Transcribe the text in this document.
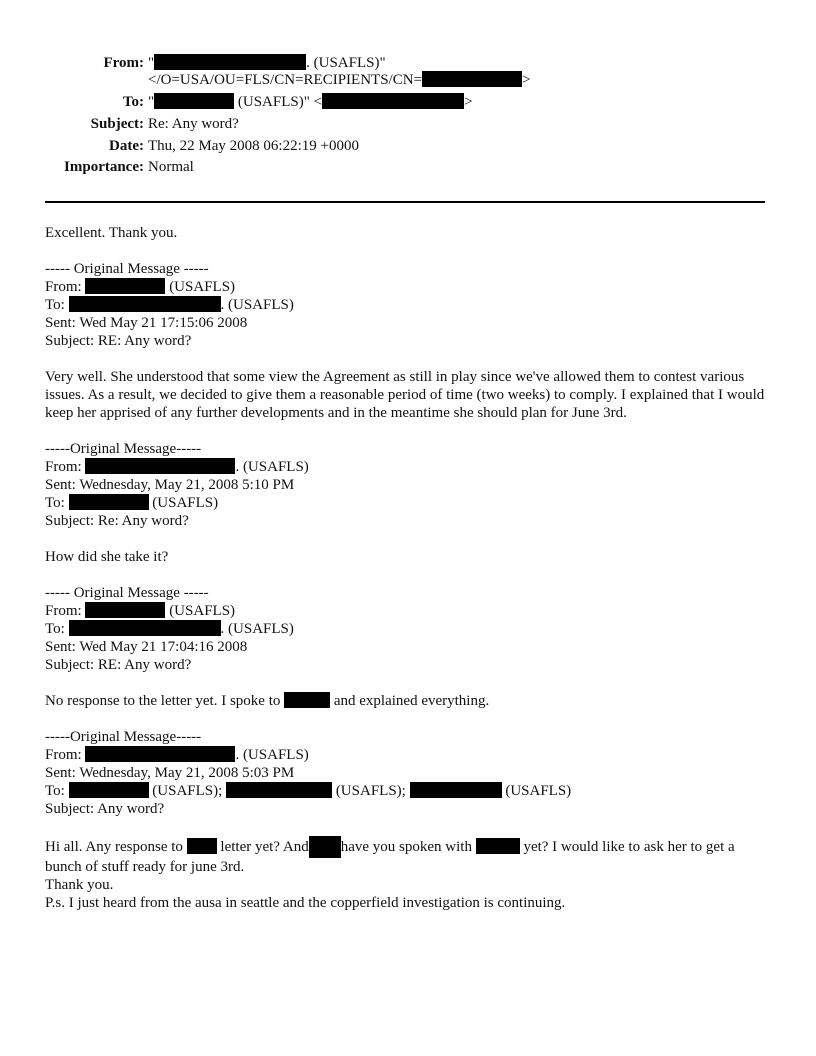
From: "	. (USAFLS)"
</O=USA/OU=FLS/CN=RECIPIENTS/CN=	>
To: "	(USAFLS)" <	>
Subject: Re: Any word?
Date: Thu, 22 May 2008 06:22:19 +0000
Importance: Normal
Excellent. Thank you.
----- Original Message -----
From:	(USAFLS)
To:	. (USAFLS)
Sent: Wed May 21 17:15:06 2008
Subject: RE: Any word?
Very well. She understood that some view the Agreement as still in play since we've allowed them to contest various issues. As a result, we decided to give them a reasonable period of time (two weeks) to comply. I explained that I would keep her apprised of any further developments and in the meantime she should plan for June 3rd.
-----Original Message-----
From:	. (USAFLS)
Sent: Wednesday, May 21, 2008 5:10 PM
To:	(USAFLS)
Subject: Re: Any word?
How did she take it?
----- Original Message -----
From:	(USAFLS)
To:	. (USAFLS)
Sent: Wed May 21 17:04:16 2008
Subject: RE: Any word?
No response to the letter yet. I spoke to	and explained everything.
-----Original Message-----
From:	. (USAFLS)
Sent: Wednesday, May 21, 2008 5:03 PM
To:	(USAFLS);	(USAFLS);	(USAFLS)
Subject: Any word?
Hi all. Any response to	letter yet? And have you spoken with	yet? I would like to ask her to get a bunch of stuff ready for june 3rd.
Thank you.
P.s. I just heard from the ausa in seattle and the copperfield investigation is continuing.
